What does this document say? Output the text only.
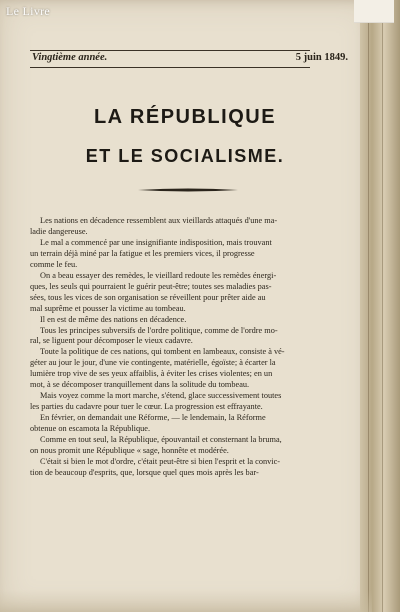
Le Livre
Vingtième année.	5 juin 1849.
LA RÉPUBLIQUE
ET LE SOCIALISME.

Les nations en décadence ressemblent aux vieillards attaqués d'une ma-

ladie dangereuse.

Le mal a commencé par une insignifiante indisposition, mais trouvant

un terrain déjà miné par la fatigue et les premiers vices, il progresse

comme le feu.

On a beau essayer des remèdes, le vieillard redoute les remèdes énergi-

ques, les seuls qui pourraient le guérir peut-être; toutes ses maladies pas-

sées, tous les vices de son organisation se réveillent pour prêter aide au

mal suprême et pousser la victime au tombeau.

Il en est de même des nations en décadence.

Tous les principes subversifs de l'ordre politique, comme de l'ordre mo-

ral, se liguent pour décomposer le vieux cadavre.

Toute la politique de ces nations, qui tombent en lambeaux, consiste à vé-

géter au jour le jour, d'une vie contingente, matérielle, égoïste; à écarter la

lumière trop vive de ses yeux affaiblis, à éviter les crises violentes; en un

mot, à se décomposer tranquillement dans la solitude du tombeau.

Mais voyez comme la mort marche, s'étend, glace successivement toutes

les parties du cadavre pour tuer le cœur. La progression est effrayante.

En février, on demandait une Réforme, — le lendemain, la Réforme

obtenue on escamota la République.

Comme en tout seul, la République, épouvantail et consternant la bruma,

on nous promit une République « sage, honnête et modérée.

C'était si bien le mot d'ordre, c'était peut-être si bien l'esprit et la convic-

tion de beaucoup d'esprits, que, lorsque quel ques mois après les bar-
